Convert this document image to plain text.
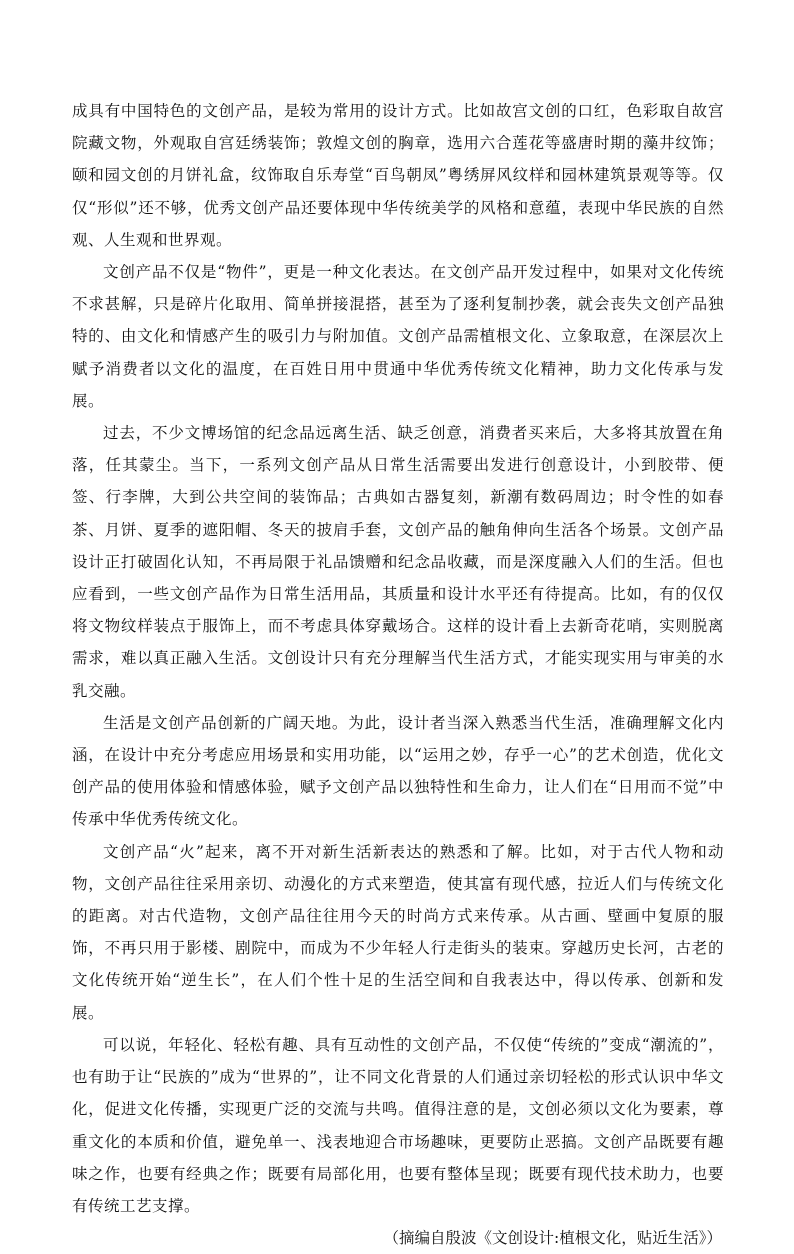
成具有中国特色的文创产品，是较为常用的设计方式。比如故宫文创的口红，色彩取自故宫院藏文物，外观取自宫廷绣装饰；敦煌文创的胸章，选用六合莲花等盛唐时期的藻井纹饰；颐和园文创的月饼礼盒，纹饰取自乐寿堂“百鸟朝凤”粤绣屏风纹样和园林建筑景观等等。仅仅“形似”还不够，优秀文创产品还要体现中华传统美学的风格和意蕴，表现中华民族的自然观、人生观和世界观。

文创产品不仅是“物件”，更是一种文化表达。在文创产品开发过程中，如果对文化传统不求甚解，只是碎片化取用、简单拼接混搭，甚至为了逐利复制抄袭，就会丧失文创产品独特的、由文化和情感产生的吸引力与附加值。文创产品需植根文化、立象取意，在深层次上赋予消费者以文化的温度，在百姓日用中贯通中华优秀传统文化精神，助力文化传承与发展。

过去，不少文博场馆的纪念品远离生活、缺乏创意，消费者买来后，大多将其放置在角落，任其蒙尘。当下，一系列文创产品从日常生活需要出发进行创意设计，小到胶带、便签、行李牌，大到公共空间的装饰品；古典如古器复刻，新潮有数码周边；时令性的如春茶、月饼、夏季的遮阳帽、冬天的披肩手套，文创产品的触角伸向生活各个场景。文创产品设计正打破固化认知，不再局限于礼品馈赠和纪念品收藏，而是深度融入人们的生活。但也应看到，一些文创产品作为日常生活用品，其质量和设计水平还有待提高。比如，有的仅仅将文物纹样装点于服饰上，而不考虑具体穿戴场合。这样的设计看上去新奇花哨，实则脱离需求，难以真正融入生活。文创设计只有充分理解当代生活方式，才能实现实用与审美的水乳交融。

生活是文创产品创新的广阔天地。为此，设计者当深入熟悉当代生活，准确理解文化内涵，在设计中充分考虑应用场景和实用功能，以“运用之妙，存乎一心”的艺术创造，优化文创产品的使用体验和情感体验，赋予文创产品以独特性和生命力，让人们在“日用而不觉”中传承中华优秀传统文化。

文创产品“火”起来，离不开对新生活新表达的熟悉和了解。比如，对于古代人物和动物，文创产品往往采用亲切、动漫化的方式来塑造，使其富有现代感，拉近人们与传统文化的距离。对古代造物，文创产品往往用今天的时尚方式来传承。从古画、壁画中复原的服饰，不再只用于影楼、剧院中，而成为不少年轻人行走街头的装束。穿越历史长河，古老的文化传统开始“逆生长”，在人们个性十足的生活空间和自我表达中，得以传承、创新和发展。

可以说，年轻化、轻松有趣、具有互动性的文创产品，不仅使“传统的”变成“潮流的”，也有助于让“民族的”成为“世界的”，让不同文化背景的人们通过亲切轻松的形式认识中华文化，促进文化传播，实现更广泛的交流与共鸣。值得注意的是，文创必须以文化为要素，尊重文化的本质和价值，避免单一、浅表地迎合市场趣味，更要防止恶搞。文创产品既要有趣味之作，也要有经典之作；既要有局部化用，也要有整体呈现；既要有现代技术助力，也要有传统工艺支撑。

（摘编自殷波《文创设计:植根文化，贴近生活》）
